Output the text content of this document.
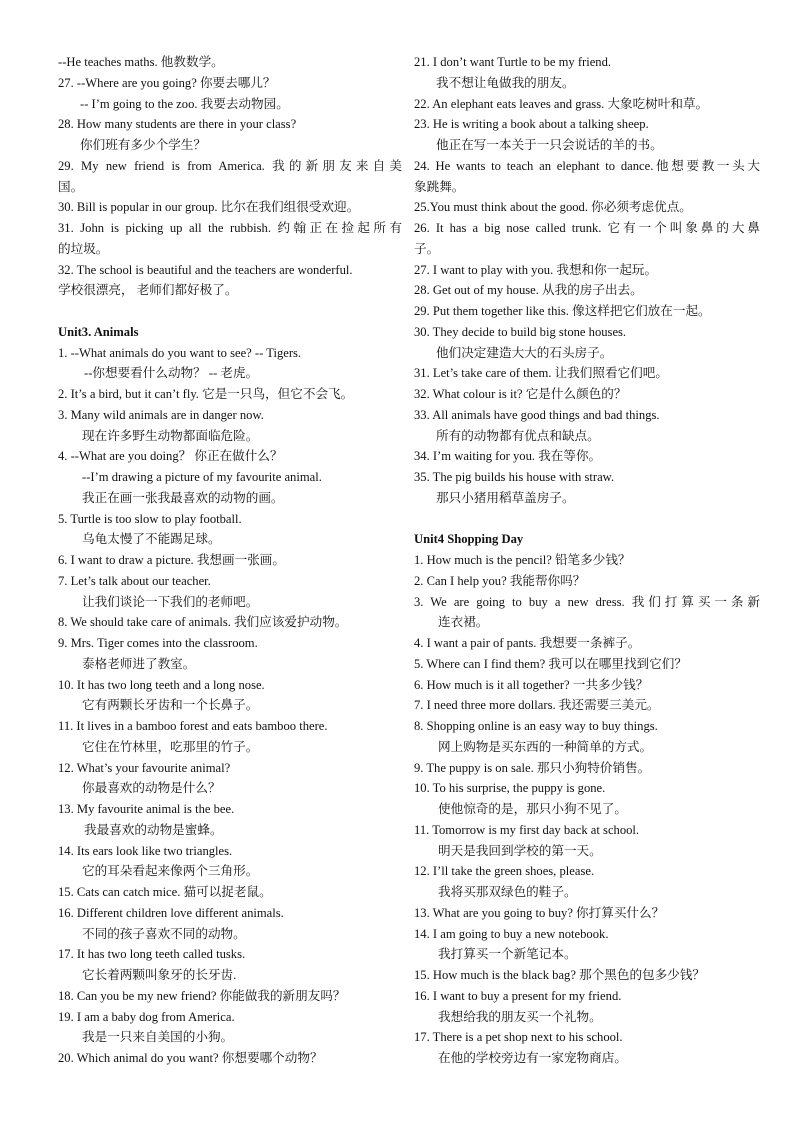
--He teaches maths. 他教数学。
27. --Where are you going? 你要去哪儿？
-- I’m going to the zoo. 我要去动物园。
28. How many students are there in your class?
你们班有多少个学生？
29. My new friend is from America. 我的新朋友来自美
国。
30. Bill is popular in our group. 比尔在我们组很受欢迎。
31. John is picking up all the rubbish. 约翰正在捡起所有
的垃圾。
32. The school is beautiful and the teachers are wonderful.
学校很漂亮， 老师们都好极了。
Unit3. Animals
1. --What animals do you want to see? -- Tigers.
--你想要看什么动物？ -- 老虎。
2. It’s a bird, but it can’t fly. 它是一只鸟，但它不会飞。
3. Many wild animals are in danger now.
现在许多野生动物都面临危险。
4. --What are you doing？ 你正在做什么？
--I’m drawing a picture of my favourite animal.
我正在画一张我最喜欢的动物的画。
5. Turtle is too slow to play football.
乌龟太慢了不能踢足球。
6. I want to draw a picture. 我想画一张画。
7. Let’s talk about our teacher.
让我们谈论一下我们的老师吧。
8. We should take care of animals. 我们应该爱护动物。
9. Mrs. Tiger comes into the classroom.
泰格老师进了教室。
10. It has two long teeth and a long nose.
它有两颗长牙齿和一个长鼻子。
11. It lives in a bamboo forest and eats bamboo there.
它住在竹林里，吃那里的竹子。
12. What’s your favourite animal?
你最喜欢的动物是什么？
13. My favourite animal is the bee.
我最喜欢的动物是蜜蜂。
14. Its ears look like two triangles.
它的耳朵看起来像两个三角形。
15. Cats can catch mice. 猫可以捉老鼠。
16. Different children love different animals.
不同的孩子喜欢不同的动物。
17. It has two long teeth called tusks.
它长着两颗叫象牙的长牙齿.
18. Can you be my new friend? 你能做我的新朋友吗？
19. I am a baby dog from America.
我是一只来自美国的小狗。
20. Which animal do you want? 你想要哪个动物？
21. I don’t want Turtle to be my friend.
我不想让龟做我的朋友。
22. An elephant eats leaves and grass. 大象吃树叶和草。
23. He is writing a book about a talking sheep.
他正在写一本关于一只会说话的羊的书。
24. He wants to teach an elephant to dance.他想要教一头大
象跳舞。
25.You must think about the good. 你必须考虑优点。
26. It has a big nose called trunk. 它有一个叫象鼻的大鼻
子。
27. I want to play with you. 我想和你一起玩。
28. Get out of my house. 从我的房子出去。
29. Put them together like this. 像这样把它们放在一起。
30. They decide to build big stone houses.
他们决定建造大大的石头房子。
31. Let’s take care of them. 让我们照看它们吧。
32. What colour is it? 它是什么颜色的？
33. All animals have good things and bad things.
所有的动物都有优点和缺点。
34. I’m waiting for you. 我在等你。
35. The pig builds his house with straw.
那只小猪用稻草盖房子。
Unit4 Shopping Day
1. How much is the pencil? 铅笔多少钱？
2. Can I help you? 我能帮你吗？
3. We are going to buy a new dress. 我们打算买一条新
连衣裙。
4. I want a pair of pants. 我想要一条裤子。
5. Where can I find them? 我可以在哪里找到它们？
6. How much is it all together? 一共多少钱？
7. I need three more dollars. 我还需要三美元。
8. Shopping online is an easy way to buy things.
网上购物是买东西的一种简单的方式。
9. The puppy is on sale. 那只小狗特价销售。
10. To his surprise, the puppy is gone.
使他惊奇的是，那只小狗不见了。
11. Tomorrow is my first day back at school.
明天是我回到学校的第一天。
12. I’ll take the green shoes, please.
我将买那双绿色的鞋子。
13. What are you going to buy? 你打算买什么？
14. I am going to buy a new notebook.
我打算买一个新笔记本。
15. How much is the black bag? 那个黑色的包多少钱？
16. I want to buy a present for my friend.
我想给我的朋友买一个礼物。
17. There is a pet shop next to his school.
在他的学校旁边有一家宠物商店。
